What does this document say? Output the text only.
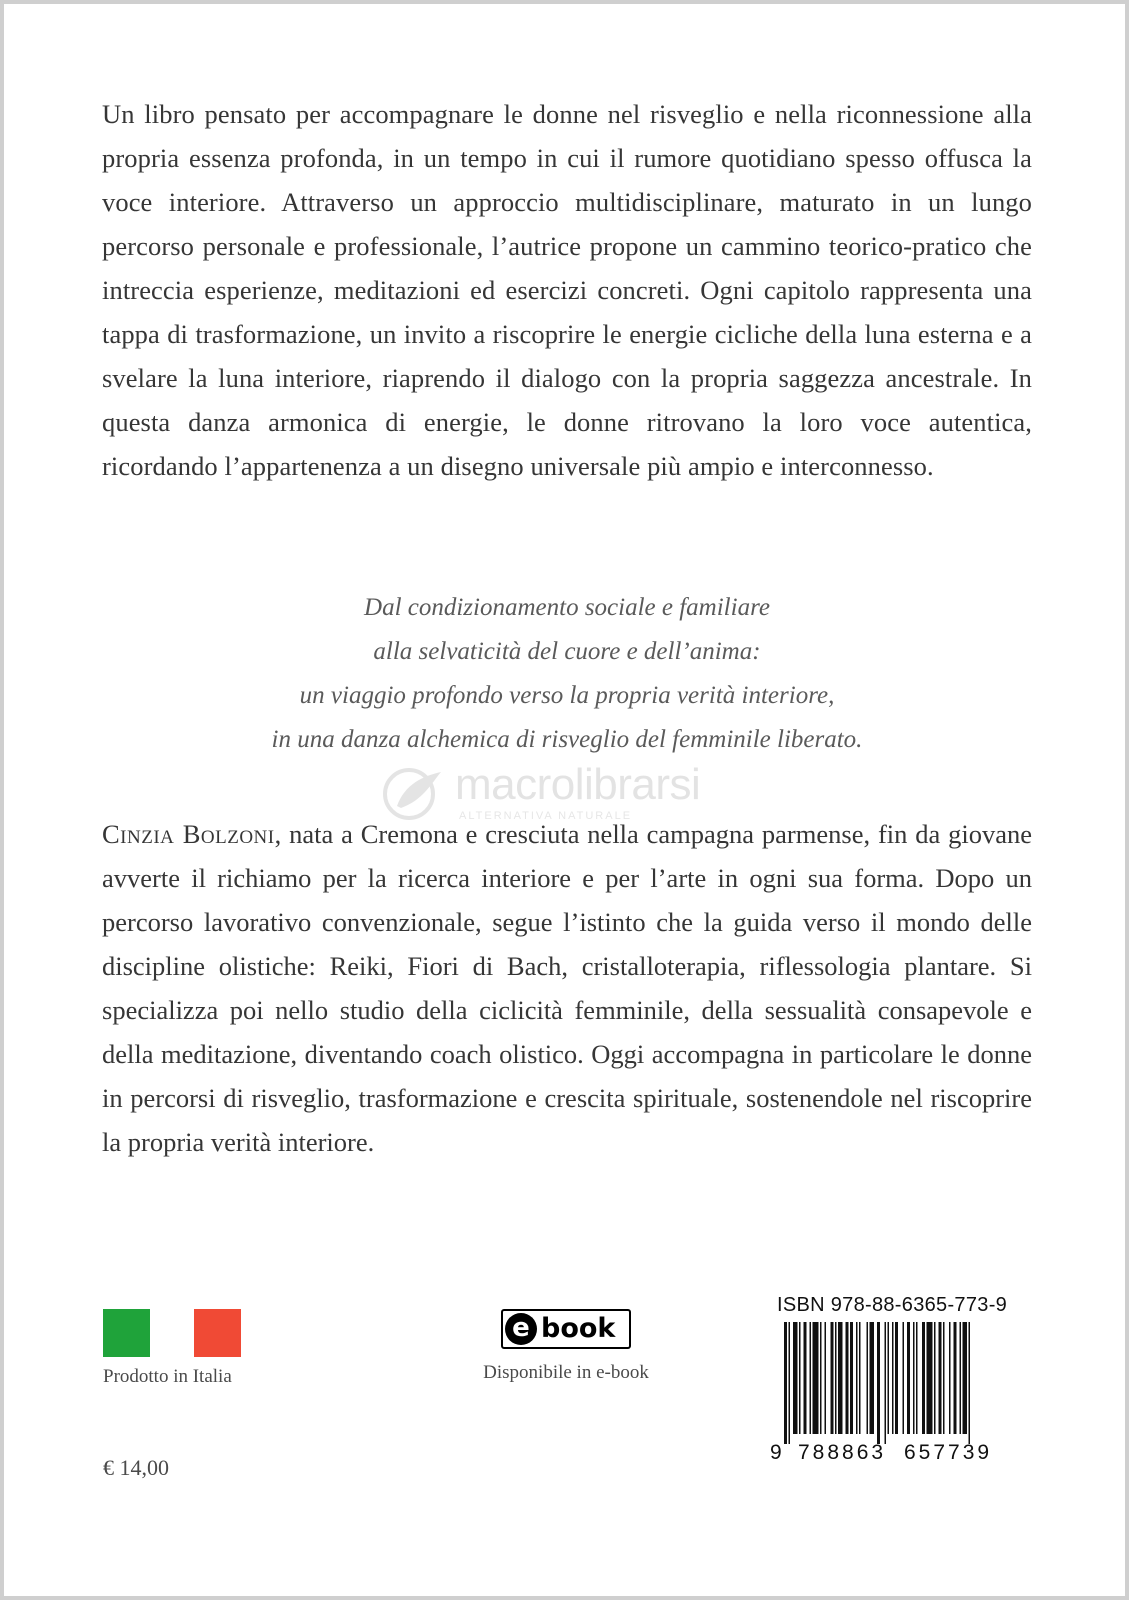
Un libro pensato per accompagnare le donne nel risveglio e nella riconnessione alla propria essenza profonda, in un tempo in cui il rumore quotidiano spesso offusca la voce interiore. Attraverso un approccio multidisciplinare, maturato in un lungo percorso personale e professionale, l’autrice propone un cammino teorico-pratico che intreccia esperienze, meditazioni ed esercizi concreti. Ogni capitolo rappresenta una tappa di trasformazione, un invito a riscoprire le energie cicliche della luna esterna e a svelare la luna interiore, riaprendo il dialogo con la propria saggezza ancestrale. In questa danza armonica di energie, le donne ritrovano la loro voce autentica, ricordando l’appartenenza a un disegno universale più ampio e interconnesso.

Dal condizionamento sociale e familiare
alla selvaticità del cuore e dell’anima:
un viaggio profondo verso la propria verità interiore,
in una danza alchemica di risveglio del femminile liberato.
macrolibrarsi
ALTERNATIVA NATURALE

Cinzia Bolzoni, nata a Cremona e cresciuta nella campagna parmense, fin da giovane avverte il richiamo per la ricerca interiore e per l’arte in ogni sua forma. Dopo un percorso lavorativo convenzionale, segue l’istinto che la guida verso il mondo delle discipline olistiche: Reiki, Fiori di Bach, cristalloterapia, riflessologia plantare. Si specializza poi nello studio della ciclicità femminile, della sessualità consapevole e della meditazione, diventando coach olistico. Oggi accompagna in particolare le donne in percorsi di risveglio, trasformazione e crescita spirituale, sostenendole nel riscoprire la propria verità interiore.

Prodotto in Italia
€ 14,00
e book
Disponibile in e-book
ISBN 978-88-6365-773-9
9 788863 657739
